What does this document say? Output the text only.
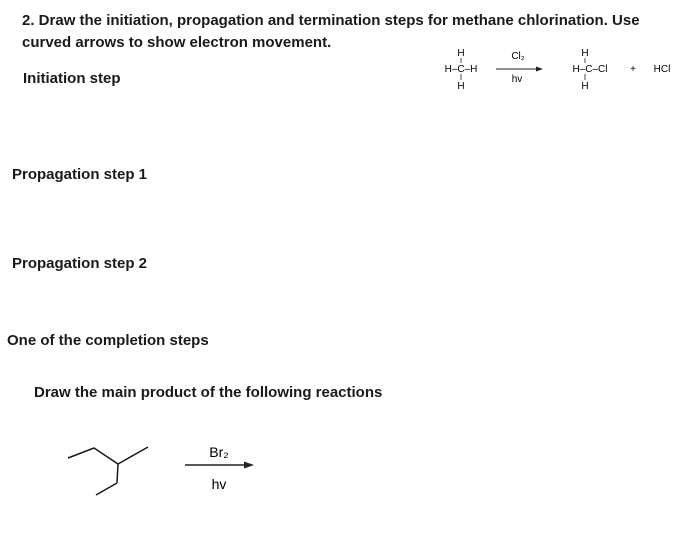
2. Draw the initiation, propagation and termination steps for methane chlorination. Use
curved arrows to show electron movement.
Initiation step
Propagation step 1
Propagation step 2
One of the completion steps
H
H–C–H
H
Cl₂
hv
H
H–C–Cl
H
+ HCl
Draw the main product of the following reactions
Br₂
hv
